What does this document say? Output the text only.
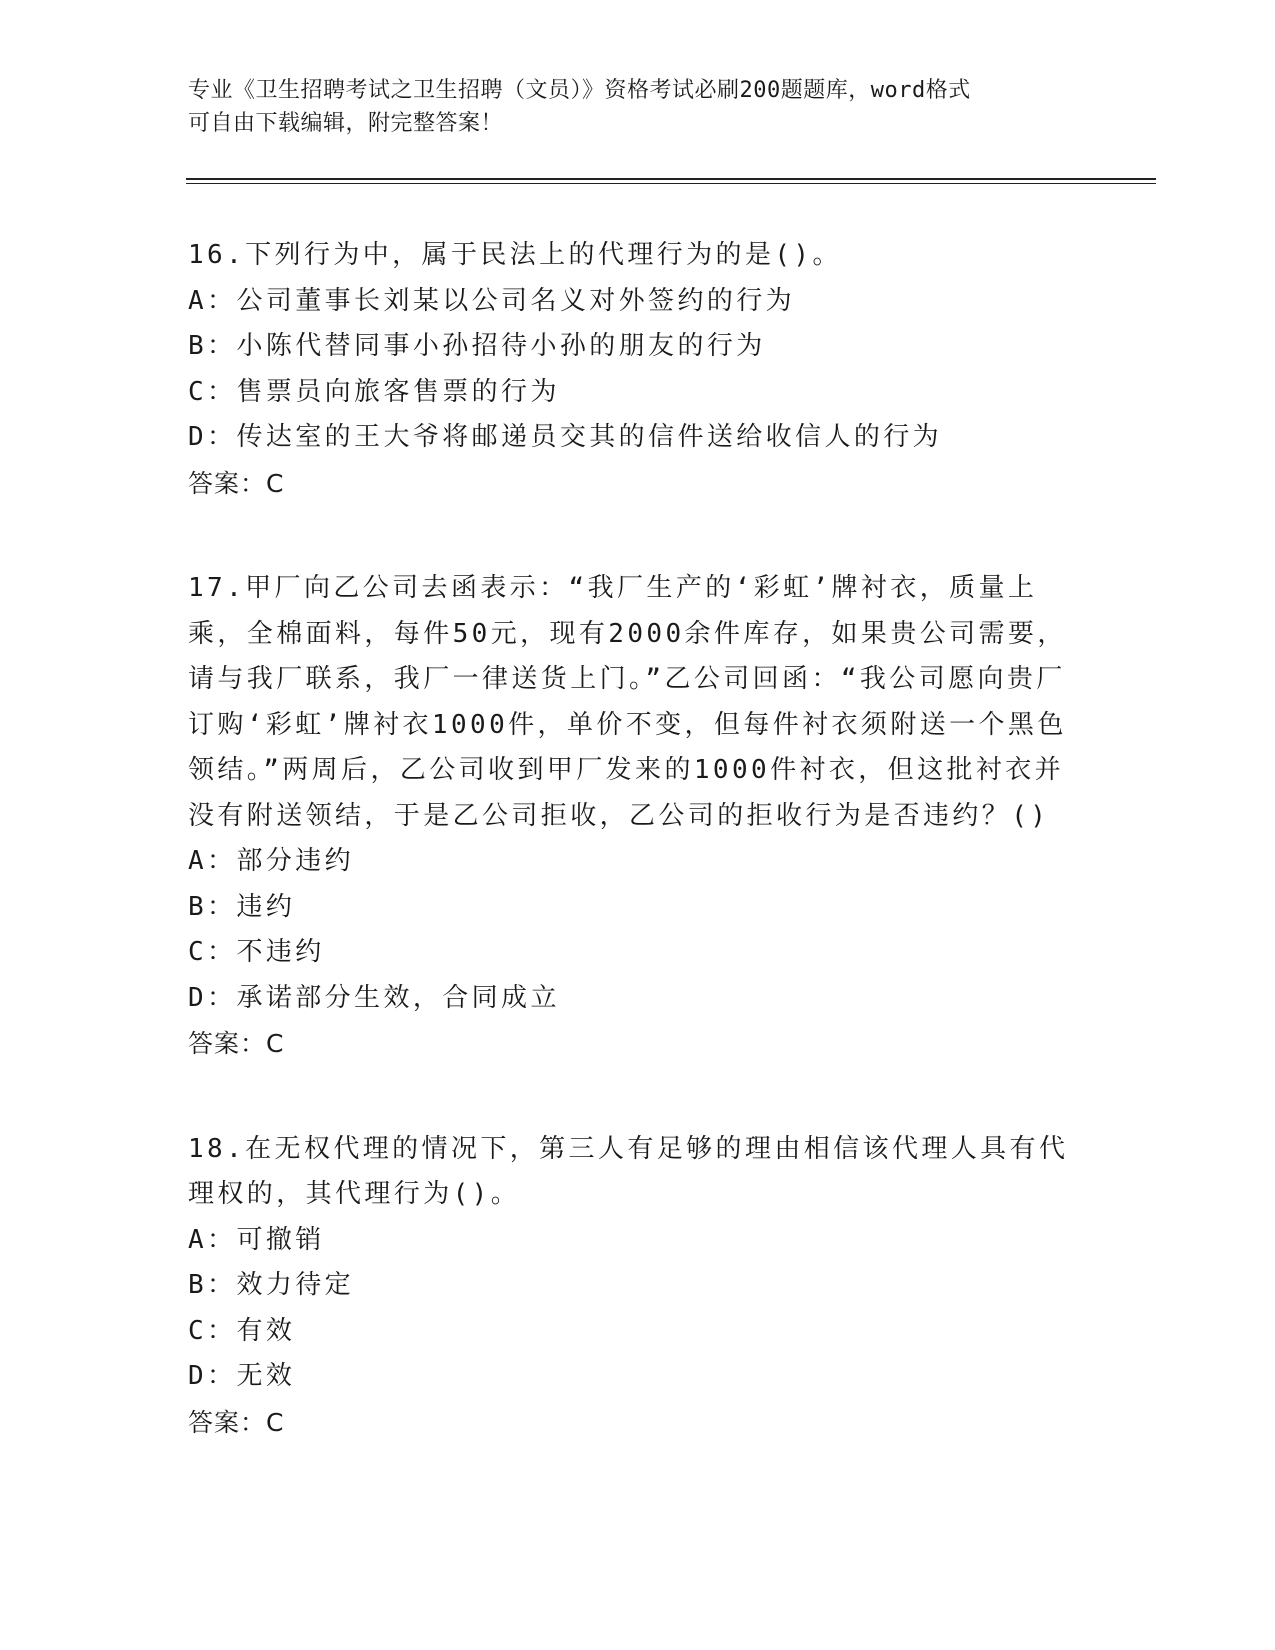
专业《卫生招聘考试之卫生招聘（文员）》资格考试必刷200题题库，word格式
可自由下载编辑，附完整答案！

16.下列行为中，属于民法上的代理行为的是()。

A：公司董事长刘某以公司名义对外签约的行为

B：小陈代替同事小孙招待小孙的朋友的行为

C：售票员向旅客售票的行为

D：传达室的王大爷将邮递员交其的信件送给收信人的行为

答案：C

17.甲厂向乙公司去函表示：“我厂生产的‘彩虹’牌衬衣，质量上乘，全棉面料，每件50元，现有2000余件库存，如果贵公司需要，请与我厂联系，我厂一律送货上门。”乙公司回函：“我公司愿向贵厂订购‘彩虹’牌衬衣1000件，单价不变，但每件衬衣须附送一个黑色领结。”两周后，乙公司收到甲厂发来的1000件衬衣，但这批衬衣并没有附送领结，于是乙公司拒收，乙公司的拒收行为是否违约？()

A：部分违约

B：违约

C：不违约

D：承诺部分生效，合同成立

答案：C

18.在无权代理的情况下，第三人有足够的理由相信该代理人具有代理权的，其代理行为()。

A：可撤销

B：效力待定

C：有效

D：无效

答案：C
